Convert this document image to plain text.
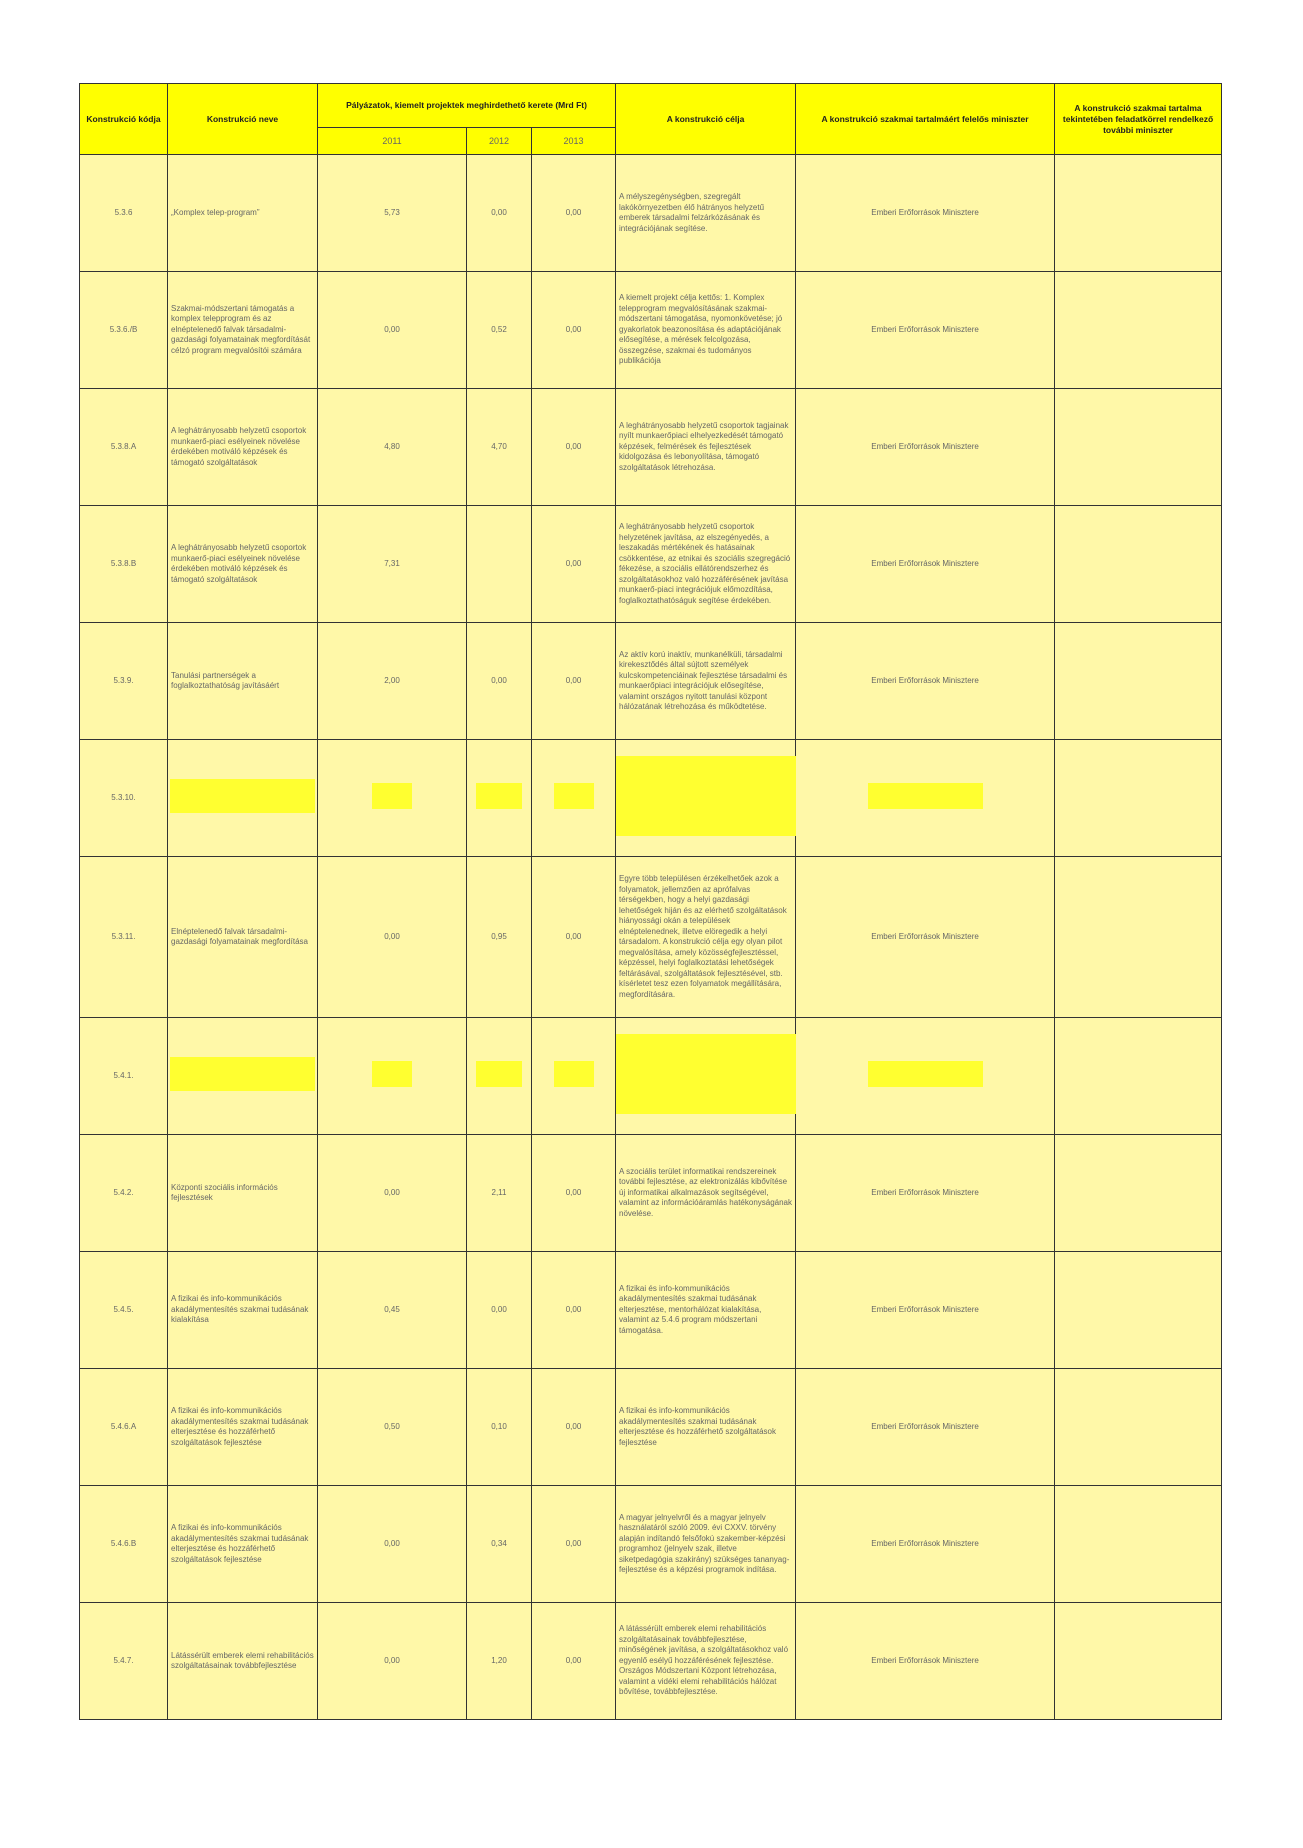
Konstrukció kódja	Konstrukció neve	Pályázatok, kiemelt projektek meghirdethető kerete (Mrd Ft)			A konstrukció célja	A konstrukció szakmai tartalmáért felelős miniszter	A konstrukció szakmai tartalma tekintetében feladatkörrel rendelkező további miniszter
		2011	2012	2013			
5.3.6	„Komplex telep-program”	5,73	0,00	0,00	A mélyszegénységben, szegregált lakókörnyezetben élő hátrányos helyzetű emberek társadalmi felzárkózásának és integrációjának segítése.	Emberi Erőforrások Minisztere	
5.3.6./B	Szakmai-módszertani támogatás a komplex telepprogram és az elnéptelenedő falvak társadalmi-gazdasági folyamatainak megfordítását célzó program megvalósítói számára	0,00	0,52	0,00	A kiemelt projekt célja kettős: 1. Komplex telepprogram megvalósításának szakmai-módszertani támogatása, nyomonkövetése; jó gyakorlatok beazonosítása és adaptációjának elősegítése, a mérések felcolgozása, összegzése, szakmai és tudományos publikációja	Emberi Erőforrások Minisztere	
5.3.8.A	A leghátrányosabb helyzetű csoportok munkaerő-piaci esélyeinek növelése érdekében motiváló képzések és támogató szolgáltatások	4,80	4,70	0,00	A leghátrányosabb helyzetű csoportok tagjainak nyílt munkaerőpiaci elhelyezkedését támogató képzések, felmérések és fejlesztések kidolgozása és lebonyolítása, támogató szolgáltatások létrehozása.	Emberi Erőforrások Minisztere	
5.3.8.B	A leghátrányosabb helyzetű csoportok munkaerő-piaci esélyeinek növelése érdekében motiváló képzések és támogató szolgáltatások	7,31		0,00	A leghátrányosabb helyzetű csoportok helyzetének javítása, az elszegényedés, a leszakadás mértékének és hatásainak csökkentése, az etnikai és szociális szegregáció fékezése, a szociális ellátórendszerhez és szolgáltatásokhoz való hozzáférésének javítása munkaerő-piaci integrációjuk előmozdítása, foglalkoztathatóságuk segítése érdekében.	Emberi Erőforrások Minisztere	
5.3.9.	Tanulási partnerségek a foglalkoztathatóság javításáért	2,00	0,00	0,00	Az aktív korú inaktív, munkanélküli, társadalmi kirekesztődés által sújtott személyek kulcskompetenciáinak fejlesztése társadalmi és munkaerőpiaci integrációjuk elősegítése, valamint országos nyitott tanulási központ hálózatának létrehozása és működtetése.	Emberi Erőforrások Minisztere	
5.3.10.							
5.3.11.	Elnéptelenedő falvak társadalmi-gazdasági folyamatainak megfordítása	0,00	0,95	0,00	Egyre több településen érzékelhetőek azok a folyamatok, jellemzően az aprófalvas térségekben, hogy a helyi gazdasági lehetőségek hiján és az elérhető szolgáltatások hiányossági okán a települések elnéptelenednek, illetve elöregedik a helyi társadalom. A konstrukció célja egy olyan pilot megvalósítása, amely közösségfejlesztéssel, képzéssel, helyi foglalkoztatási lehetőségek feltárásával, szolgáltatások fejlesztésével, stb. kísérletet tesz ezen folyamatok megállítására, megfordítására.	Emberi Erőforrások Minisztere	
5.4.1.							
5.4.2.	Központi szociális információs fejlesztések	0,00	2,11	0,00	A szociális terület informatikai rendszereinek további fejlesztése, az elektronizálás kibővítése új informatikai alkalmazások segítségével, valamint az információáramlás hatékonyságának növelése.	Emberi Erőforrások Minisztere	
5.4.5.	A fizikai és info-kommunikációs akadálymentesítés szakmai tudásának kialakítása	0,45	0,00	0,00	A fizikai és info-kommunikációs akadálymentesítés szakmai tudásának elterjesztése, mentorhálózat kialakítása, valamint az 5.4.6 program módszertani támogatása.	Emberi Erőforrások Minisztere	
5.4.6.A	A fizikai és info-kommunikációs akadálymentesítés szakmai tudásának elterjesztése és hozzáférhető szolgáltatások fejlesztése	0,50	0,10	0,00	A fizikai és info-kommunikációs akadálymentesítés szakmai tudásának elterjesztése és hozzáférhető szolgáltatások fejlesztése	Emberi Erőforrások Minisztere	
5.4.6.B	A fizikai és info-kommunikációs akadálymentesítés szakmai tudásának elterjesztése és hozzáférhető szolgáltatások fejlesztése	0,00	0,34	0,00	A magyar jelnyelvről és a magyar jelnyelv használatáról szóló 2009. évi CXXV. törvény alapján indítandó felsőfokú szakember-képzési programhoz (jelnyelv szak, illetve siketpedagógia szakirány) szükséges tananyag-fejlesztése és a képzési programok indítása.	Emberi Erőforrások Minisztere	
5.4.7.	Látássérült emberek elemi rehabilitációs szolgáltatásainak továbbfejlesztése	0,00	1,20	0,00	A látássérült emberek elemi rehabilitációs szolgáltatásainak továbbfejlesztése, minőségének javítása, a szolgáltatásokhoz való egyenlő esélyű hozzáférésének fejlesztése. Országos Módszertani Központ létrehozása, valamint a vidéki elemi rehabilitációs hálózat bővítése, továbbfejlesztése.	Emberi Erőforrások Minisztere	
